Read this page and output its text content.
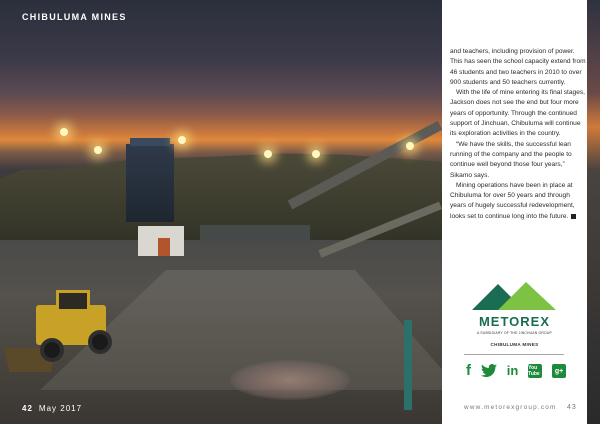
CHIBULUMA MINES
42 May 2017

and teachers, including provision of power. This has seen the school capacity extend from 46 students and two teachers in 2010 to over 900 students and 50 teachers currently.

With the life of mine entering its final stages, Jackson does not see the end but four more years of opportunity. Through the continued support of Jinchuan, Chibuluma will continue its exploration activities in the country.

“We have the skills, the successful lean running of the company and the people to continue well beyond those four years,” Sikamo says.

Mining operations have been in place at Chibuluma for over 50 years and through years of hugely successful redevelopment, looks set to continue long into the future.

METOREX
A SUBSIDIARY OF THE JINCHUAN GROUP
CHIBULUMA MINES
f	in You Tube	g+
www.metorexgroup.com 43
